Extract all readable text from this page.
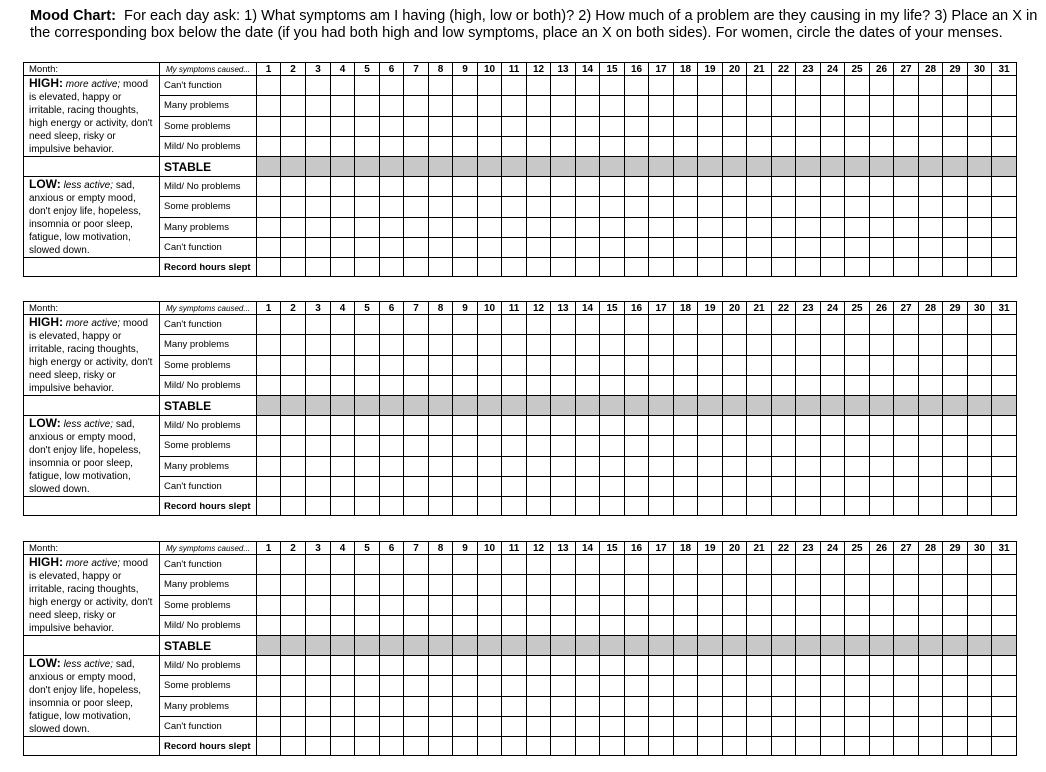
Mood Chart: For each day ask: 1) What symptoms am I having (high, low or both)? 2) How much of a problem are they causing in my life? 3) Place an X in the corresponding box below the date (if you had both high and low symptoms, place an X on both sides). For women, circle the dates of your menses.
Month:	My symptoms caused...	1	2	3	4	5	6	7	8	9	10	11	12	13	14	15	16	17	18	19	20	21	22	23	24	25	26	27	28	29	30	31
HIGH: more active; mood is elevated, happy or irritable, racing thoughts, high energy or activity, don't need sleep, risky or impulsive behavior.	Can't function																															
	Many problems																															
	Some problems																															
	Mild/ No problems																															
	STABLE																															
LOW: less active; sad, anxious or empty mood, don't enjoy life, hopeless, insomnia or poor sleep, fatigue, low motivation, slowed down.	Mild/ No problems																															
	Some problems																															
	Many problems																															
	Can't function																															
	Record hours slept																															
Month:	My symptoms caused...	1	2	3	4	5	6	7	8	9	10	11	12	13	14	15	16	17	18	19	20	21	22	23	24	25	26	27	28	29	30	31
HIGH: more active; mood is elevated, happy or irritable, racing thoughts, high energy or activity, don't need sleep, risky or impulsive behavior.	Can't function																															
	Many problems																															
	Some problems																															
	Mild/ No problems																															
	STABLE																															
LOW: less active; sad, anxious or empty mood, don't enjoy life, hopeless, insomnia or poor sleep, fatigue, low motivation, slowed down.	Mild/ No problems																															
	Some problems																															
	Many problems																															
	Can't function																															
	Record hours slept																															
Month:	My symptoms caused...	1	2	3	4	5	6	7	8	9	10	11	12	13	14	15	16	17	18	19	20	21	22	23	24	25	26	27	28	29	30	31
HIGH: more active; mood is elevated, happy or irritable, racing thoughts, high energy or activity, don't need sleep, risky or impulsive behavior.	Can't function																															
	Many problems																															
	Some problems																															
	Mild/ No problems																															
	STABLE																															
LOW: less active; sad, anxious or empty mood, don't enjoy life, hopeless, insomnia or poor sleep, fatigue, low motivation, slowed down.	Mild/ No problems																															
	Some problems																															
	Many problems																															
	Can't function																															
	Record hours slept																															
